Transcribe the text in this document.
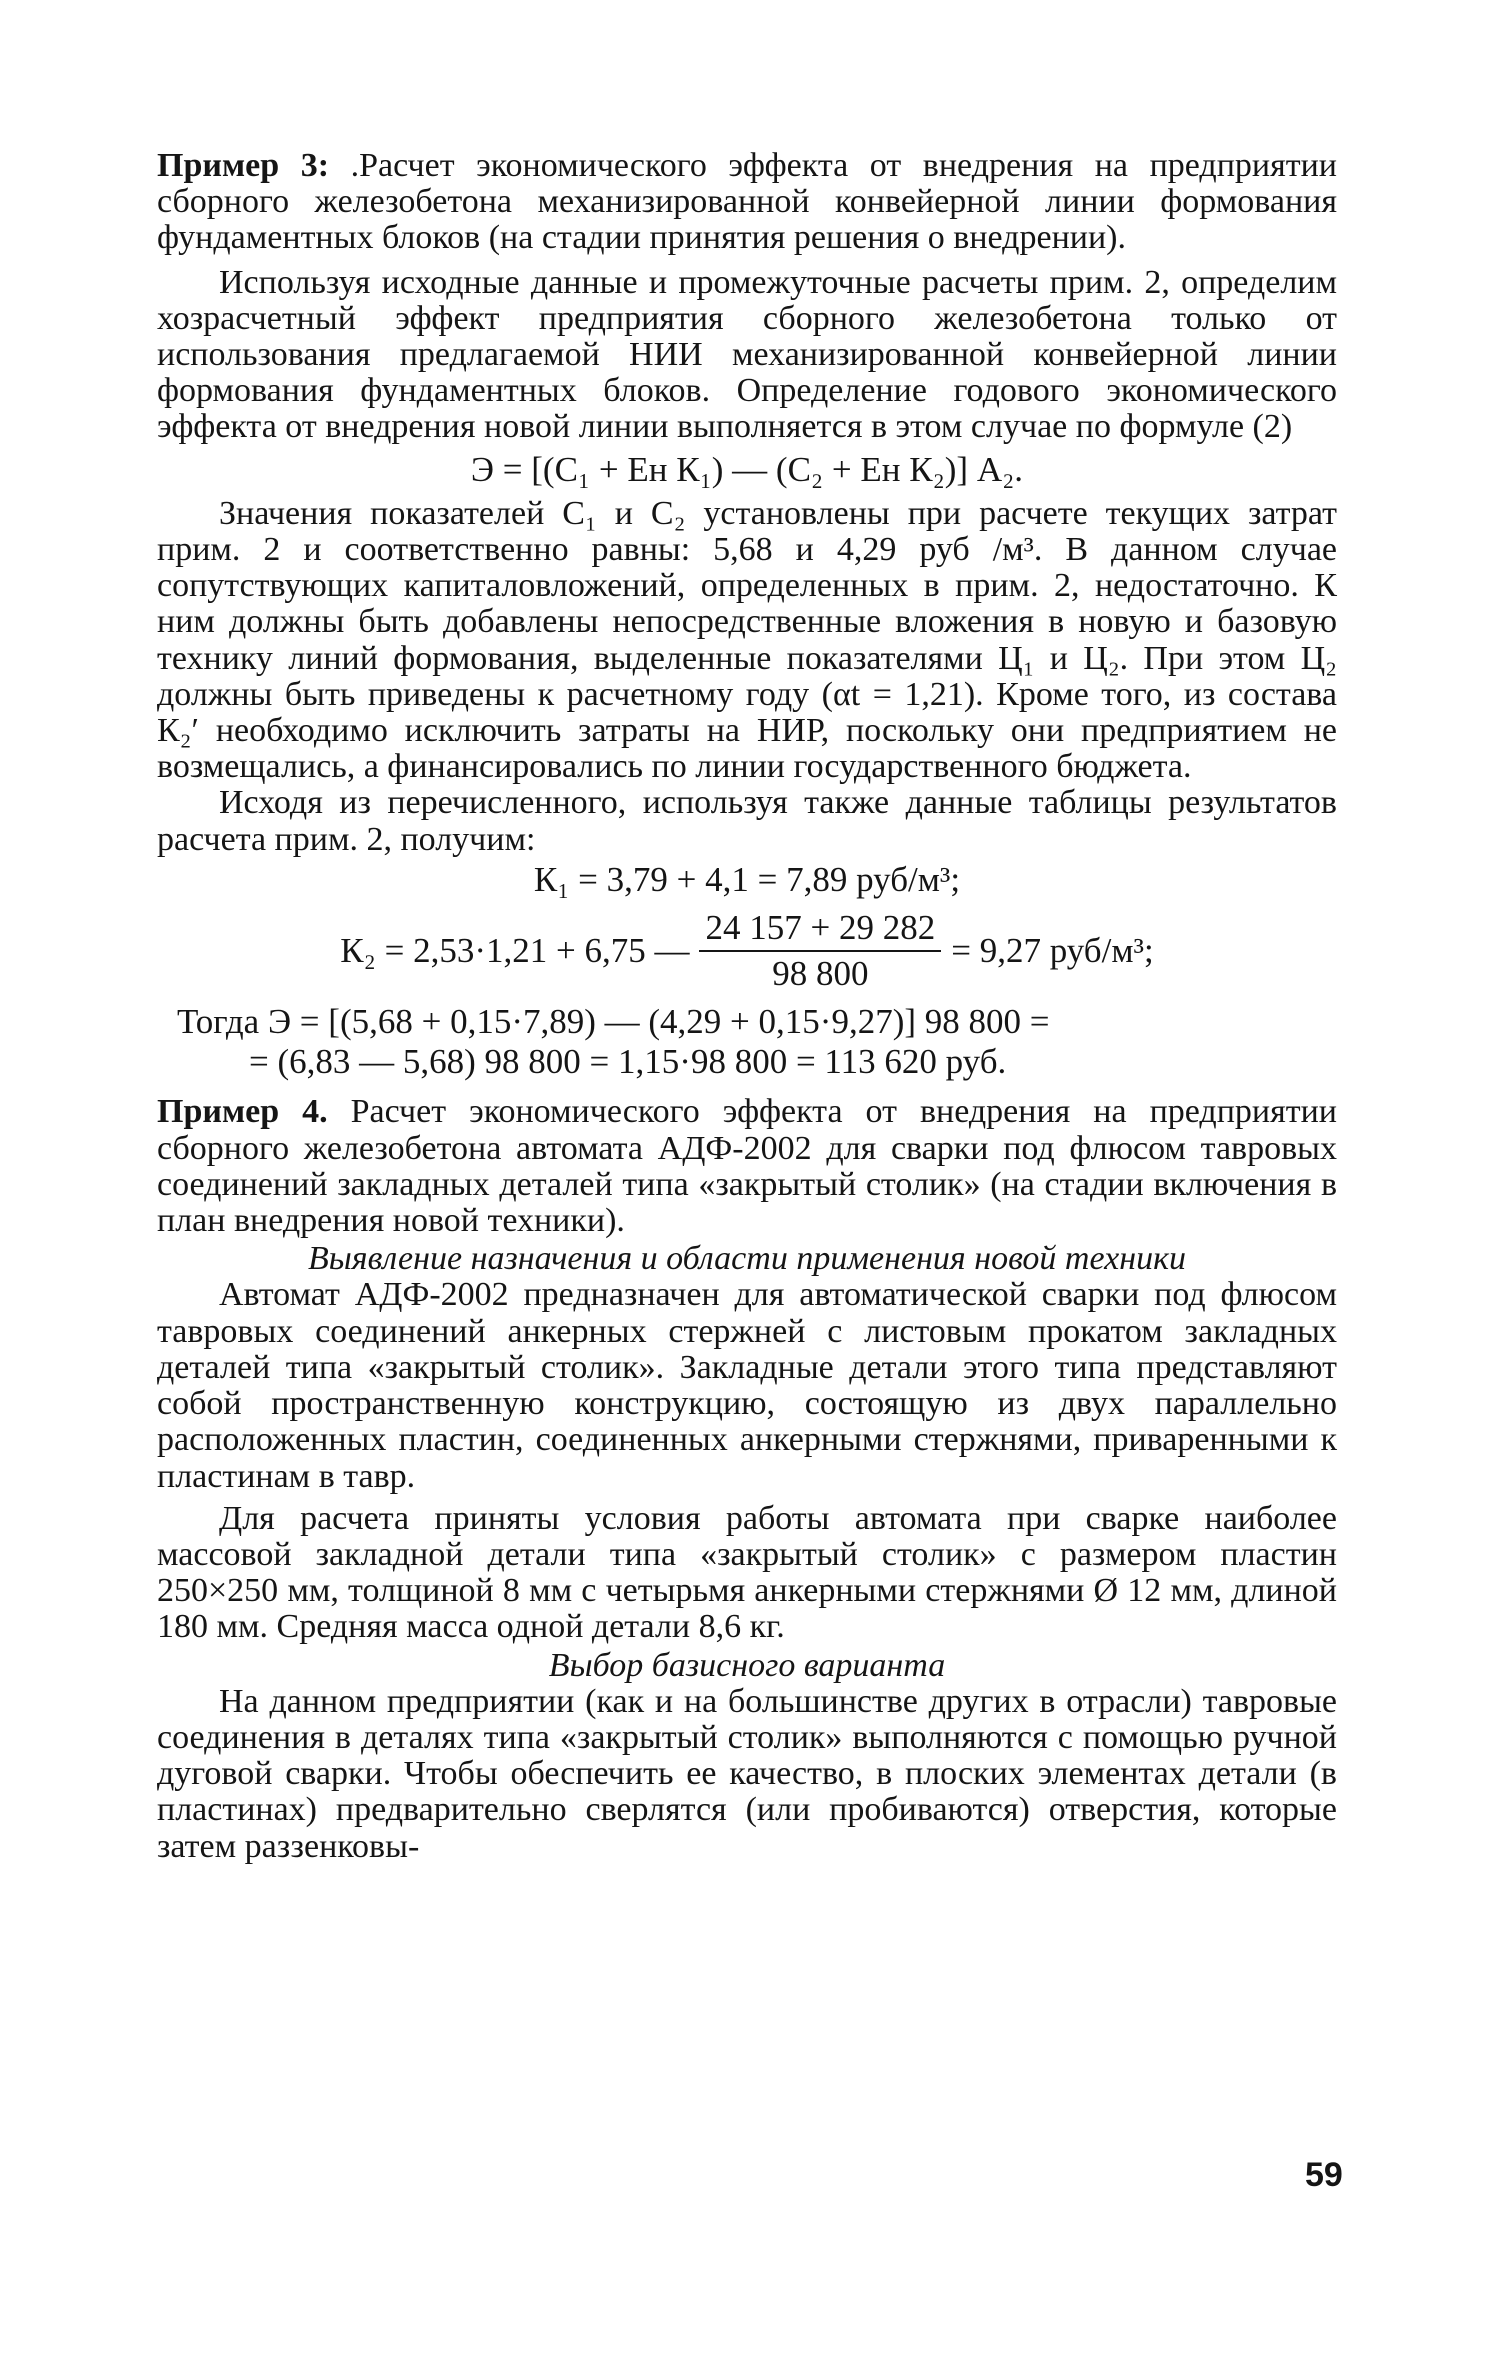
Пример 3: .Расчет экономического эффекта от внедрения на предприятии сборного железобетона механизированной конвейерной линии формования фундаментных блоков (на стадии принятия решения о внедрении).

Используя исходные данные и промежуточные расчеты прим. 2, определим хозрасчетный эффект предприятия сборного железобетона только от использования предлагаемой НИИ механизированной конвейерной линии формования фундаментных блоков. Определение годового экономического эффекта от внедрения новой линии выполняется в этом случае по формуле (2)

Э = [(С₁ + Eн К₁) — (С₂ + Eн К₂)] А₂.

Значения показателей С₁ и С₂ установлены при расчете текущих затрат прим. 2 и соответственно равны: 5,68 и 4,29 руб /м³. В данном случае сопутствующих капиталовложений, определенных в прим. 2, недостаточно. К ним должны быть добавлены непосредственные вложения в новую и базовую технику линий формования, выделенные показателями Ц₁ и Ц₂. При этом Ц₂ должны быть приведены к расчетному году (αt = 1,21). Кроме того, из состава К₂′ необходимо исключить затраты на НИР, поскольку они предприятием не возмещались, а финансировались по линии государственного бюджета.

Исходя из перечисленного, используя также данные таблицы результатов расчета прим. 2, получим:

К₁ = 3,79 + 4,1 = 7,89 руб/м³;
К₂ = 2,53·1,21 + 6,75 — $\frac{24 157 + 29 282}{98 800} = 9,27$ руб/м³;
Тогда Э = [(5,68 + 0,15·7,89) — (4,29 + 0,15·9,27)] 98 800 =
= (6,83 — 5,68) 98 800 = 1,15·98 800 = 113 620 руб.

Пример 4. Расчет экономического эффекта от внедрения на предприятии сборного железобетона автомата АДФ-2002 для сварки под флюсом тавровых соединений закладных деталей типа «закрытый столик» (на стадии включения в план внедрения новой техники).

Выявление назначения и области применения новой техники

Автомат АДФ-2002 предназначен для автоматической сварки под флюсом тавровых соединений анкерных стержней с листовым прокатом закладных деталей типа «закрытый столик». Закладные детали этого типа представляют собой пространственную конструкцию, состоящую из двух параллельно расположенных пластин, соединенных анкерными стержнями, приваренными к пластинам в тавр.

Для расчета приняты условия работы автомата при сварке наиболее массовой закладной детали типа «закрытый столик» с размером пластин 250×250 мм, толщиной 8 мм с четырьмя анкерными стержнями Ø 12 мм, длиной 180 мм. Средняя масса одной детали 8,6 кг.

Выбор базисного варианта

На данном предприятии (как и на большинстве других в отрасли) тавровые соединения в деталях типа «закрытый столик» выполняются с помощью ручной дуговой сварки. Чтобы обеспечить ее качество, в плоских элементах детали (в пластинах) предварительно сверлятся (или пробиваются) отверстия, которые затем раззенковы-

59
